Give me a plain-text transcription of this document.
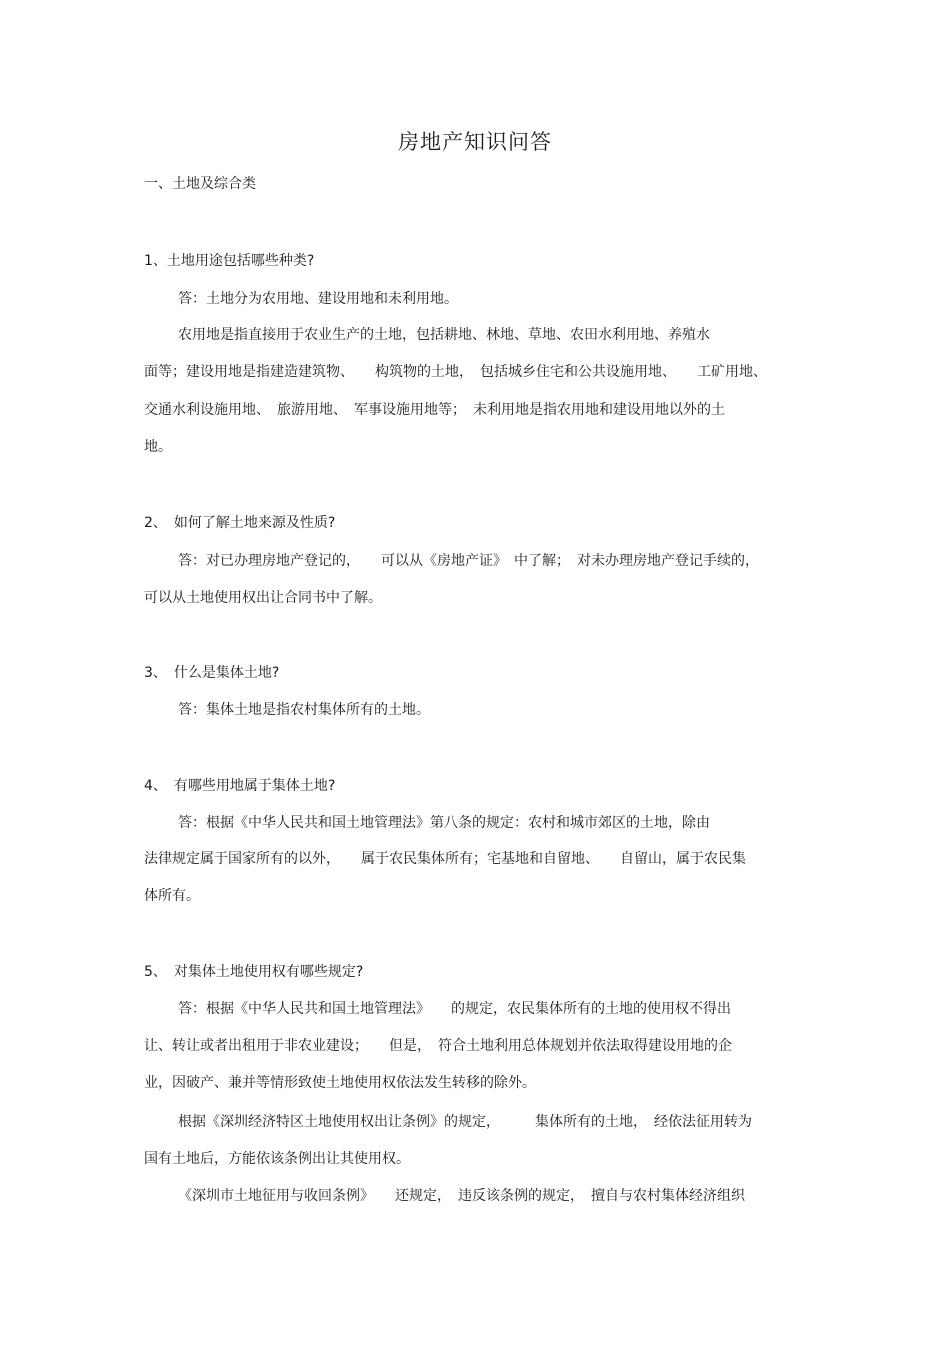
房地产知识问答
一、土地及综合类
1、土地用途包括哪些种类?
答：土地分为农用地、建设用地和未利用地。
农用地是指直接用于农业生产的土地，包括耕地、林地、草地、农田水利用地、养殖水
面等；建设用地是指建造建筑物、　　构筑物的土地，　包括城乡住宅和公共设施用地、　　工矿用地、
交通水利设施用地、　旅游用地、　军事设施用地等；　未利用地是指农用地和建设用地以外的土
地。
2、　如何了解土地来源及性质?
答：对已办理房地产登记的，　　可以从《房地产证》　中了解；　对未办理房地产登记手续的，
可以从土地使用权出让合同书中了解。
3、　什么是集体土地?
答：集体土地是指农村集体所有的土地。
4、　有哪些用地属于集体土地?
答：根据《中华人民共和国土地管理法》第八条的规定：农村和城市郊区的土地，除由
法律规定属于国家所有的以外，　　属于农民集体所有；宅基地和自留地、　　自留山，属于农民集
体所有。
5、　对集体土地使用权有哪些规定?
答：根据《中华人民共和国土地管理法》　　的规定，农民集体所有的土地的使用权不得出
让、转让或者出租用于非农业建设；　　但是，　符合土地利用总体规划并依法取得建设用地的企
业，因破产、兼并等情形致使土地使用权依法发生转移的除外。
根据《深圳经济特区土地使用权出让条例》的规定，　　　集体所有的土地，　经依法征用转为
国有土地后，方能依该条例出让其使用权。
《深圳市土地征用与收回条例》　　还规定，　违反该条例的规定，　擅自与农村集体经济组织
